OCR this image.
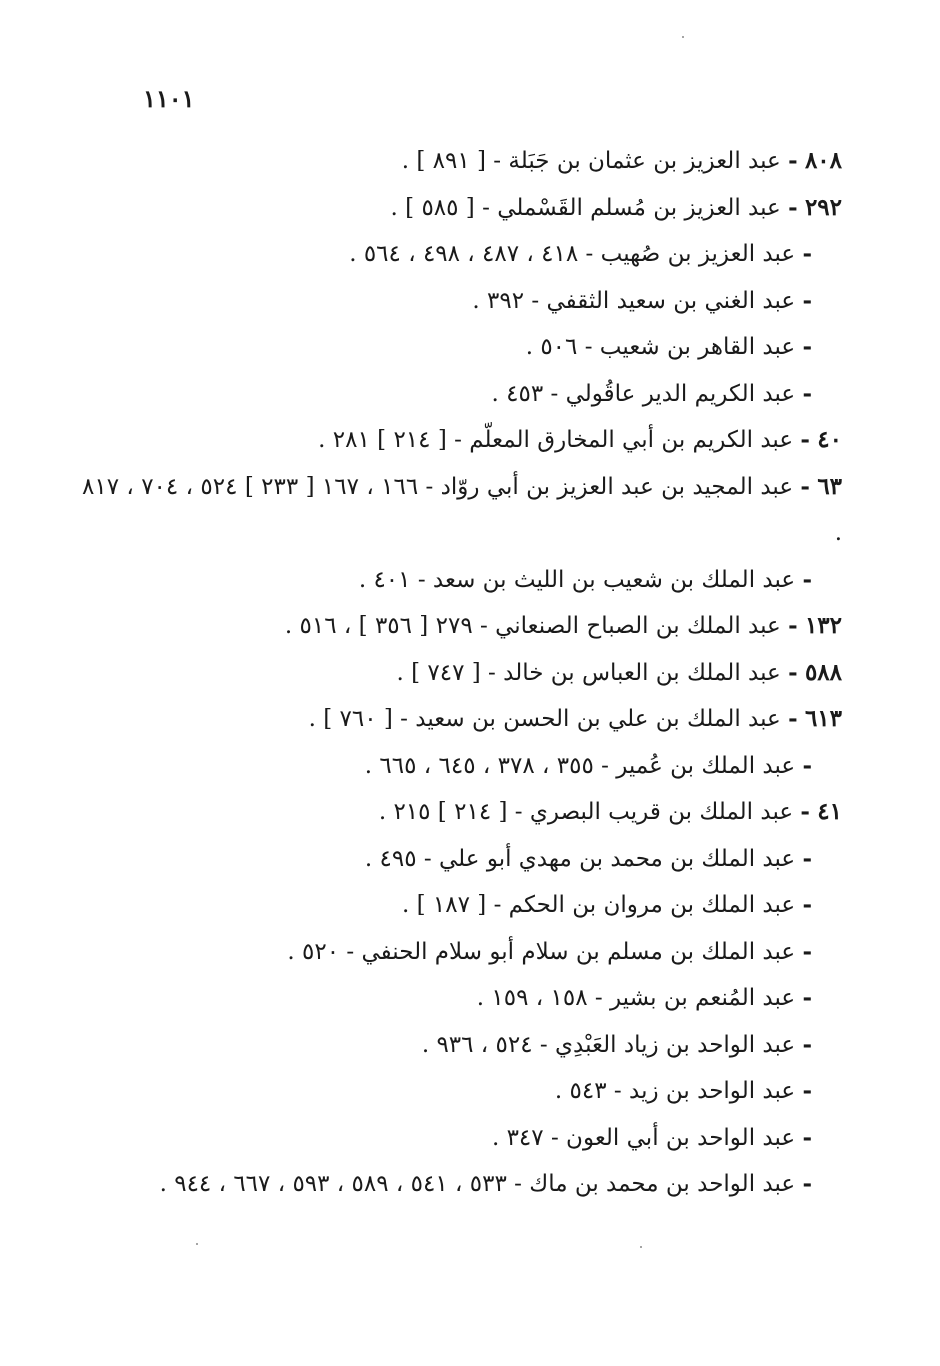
١١٠١
٨٠٨ - عبد العزيز بن عثمان بن جَبَلة - [ ٨٩١ ] .
٢٩٢ - عبد العزيز بن مُسلم القَسْملي - [ ٥٨٥ ] .
- عبد العزيز بن صُهيب - ٤١٨ ، ٤٨٧ ، ٤٩٨ ، ٥٦٤ .
- عبد الغني بن سعيد الثقفي - ٣٩٢ .
- عبد القاهر بن شعيب - ٥٠٦ .
- عبد الكريم الدير عاقُولي - ٤٥٣ .
٤٠ - عبد الكريم بن أبي المخارق المعلّم - [ ٢١٤ ] ٢٨١ .
٦٣ - عبد المجيد بن عبد العزيز بن أبي روّاد - ١٦٦ ، ١٦٧ [ ٢٣٣ ] ٥٢٤ ، ٧٠٤ ، ٨١٧ .
- عبد الملك بن شعيب بن الليث بن سعد - ٤٠١ .
١٣٢ - عبد الملك بن الصباح الصنعاني - ٢٧٩ [ ٣٥٦ ] ، ٥١٦ .
٥٨٨ - عبد الملك بن العباس بن خالد - [ ٧٤٧ ] .
٦١٣ - عبد الملك بن علي بن الحسن بن سعيد - [ ٧٦٠ ] .
- عبد الملك بن عُمير - ٣٥٥ ، ٣٧٨ ، ٦٤٥ ، ٦٦٥ .
٤١ - عبد الملك بن قريب البصري - [ ٢١٤ ] ٢١٥ .
- عبد الملك بن محمد بن مهدي أبو علي - ٤٩٥ .
- عبد الملك بن مروان بن الحكم - [ ١٨٧ ] .
- عبد الملك بن مسلم بن سلام أبو سلام الحنفي - ٥٢٠ .
- عبد المُنعم بن بشير - ١٥٨ ، ١٥٩ .
- عبد الواحد بن زياد العَبْدِي - ٥٢٤ ، ٩٣٦ .
- عبد الواحد بن زيد - ٥٤٣ .
- عبد الواحد بن أبي العون - ٣٤٧ .
- عبد الواحد بن محمد بن ماك - ٥٣٣ ، ٥٤١ ، ٥٨٩ ، ٥٩٣ ، ٦٦٧ ، ٩٤٤ .
